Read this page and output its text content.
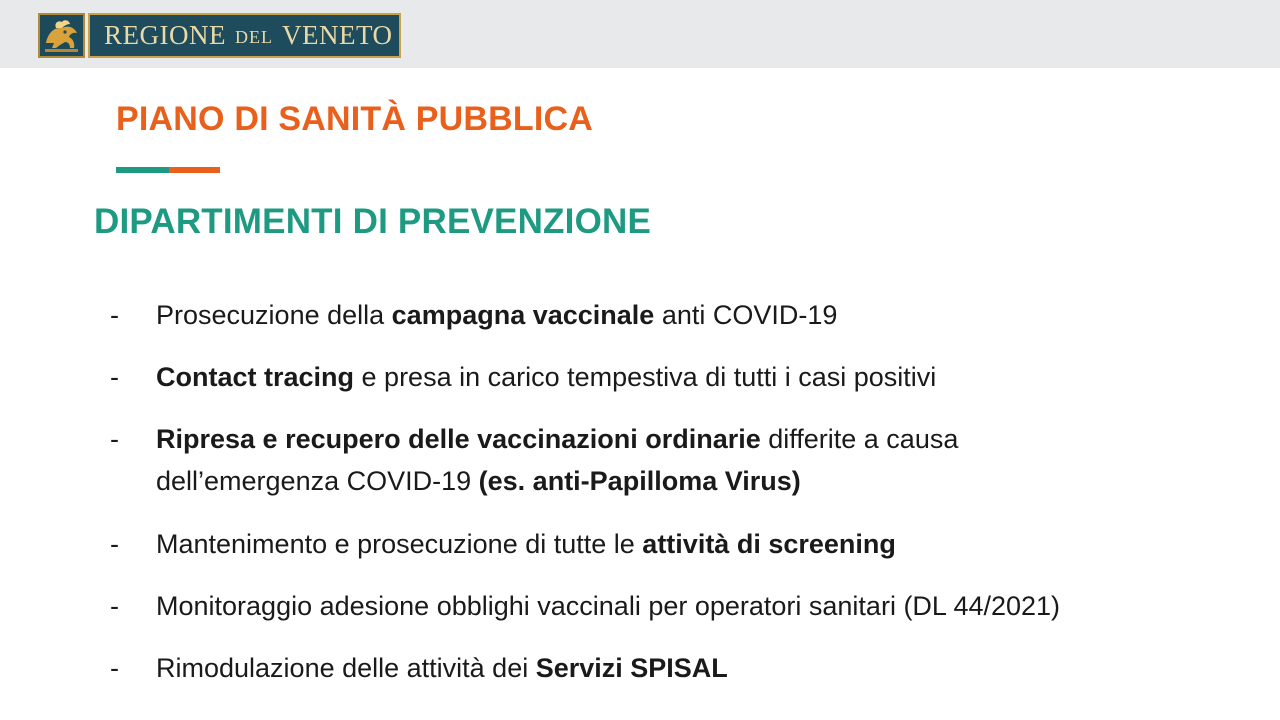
REGIONE DEL VENETO
PIANO DI SANITÀ PUBBLICA
DIPARTIMENTI DI PREVENZIONE
- Prosecuzione della campagna vaccinale anti COVID-19
- Contact tracing e presa in carico tempestiva di tutti i casi positivi
- Ripresa e recupero delle vaccinazioni ordinarie differite a causa
dell’emergenza COVID-19 (es. anti-Papilloma Virus)
- Mantenimento e prosecuzione di tutte le attività di screening
- Monitoraggio adesione obblighi vaccinali per operatori sanitari (DL 44/2021)
- Rimodulazione delle attività dei Servizi SPISAL
